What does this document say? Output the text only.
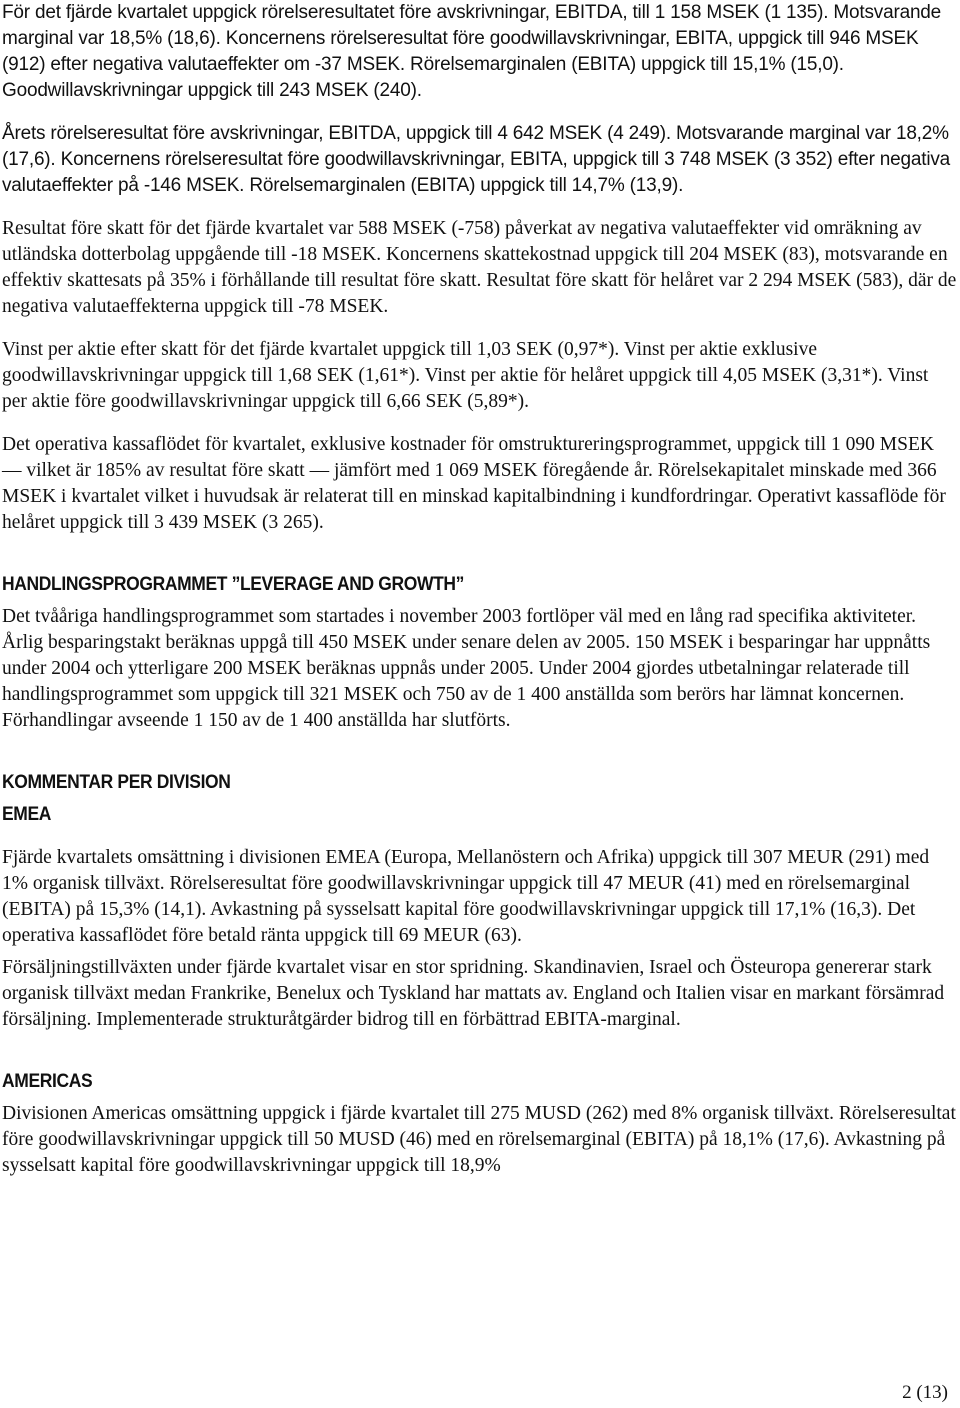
För det fjärde kvartalet uppgick rörelseresultatet före avskrivningar, EBITDA, till 1 158 MSEK (1 135). Motsvarande marginal var 18,5% (18,6). Koncernens rörelseresultat före goodwillavskrivningar, EBITA, uppgick till 946 MSEK (912) efter negativa valutaeffekter om -37 MSEK. Rörelsemarginalen (EBITA) uppgick till 15,1% (15,0). Goodwillavskrivningar uppgick till 243 MSEK (240).

Årets rörelseresultat före avskrivningar, EBITDA, uppgick till 4 642 MSEK (4 249). Motsvarande marginal var 18,2% (17,6). Koncernens rörelseresultat före goodwillavskrivningar, EBITA, uppgick till 3 748 MSEK (3 352) efter negativa valutaeffekter på -146 MSEK. Rörelsemarginalen (EBITA) uppgick till 14,7% (13,9).

Resultat före skatt för det fjärde kvartalet var 588 MSEK (-758) påverkat av negativa valutaeffekter vid omräkning av utländska dotterbolag uppgående till -18 MSEK. Koncernens skattekostnad uppgick till 204 MSEK (83), motsvarande en effektiv skattesats på 35% i förhållande till resultat före skatt. Resultat före skatt för helåret var 2 294 MSEK (583), där de negativa valutaeffekterna uppgick till -78 MSEK.

Vinst per aktie efter skatt för det fjärde kvartalet uppgick till 1,03 SEK (0,97*). Vinst per aktie exklusive goodwillavskrivningar uppgick till 1,68 SEK (1,61*). Vinst per aktie för helåret uppgick till 4,05 MSEK (3,31*). Vinst per aktie före goodwillavskrivningar uppgick till 6,66 SEK (5,89*).

Det operativa kassaflödet för kvartalet, exklusive kostnader för omstruktureringsprogrammet, uppgick till 1 090 MSEK — vilket är 185% av resultat före skatt — jämfört med 1 069 MSEK föregående år. Rörelsekapitalet minskade med 366 MSEK i kvartalet vilket i huvudsak är relaterat till en minskad kapitalbindning i kundfordringar. Operativt kassaflöde för helåret uppgick till 3 439 MSEK (3 265).

HANDLINGSPROGRAMMET ”LEVERAGE AND GROWTH”

Det tvååriga handlingsprogrammet som startades i november 2003 fortlöper väl med en lång rad specifika aktiviteter. Årlig besparingstakt beräknas uppgå till 450 MSEK under senare delen av 2005. 150 MSEK i besparingar har uppnåtts under 2004 och ytterligare 200 MSEK beräknas uppnås under 2005. Under 2004 gjordes utbetalningar relaterade till handlingsprogrammet som uppgick till 321 MSEK och 750 av de 1 400 anställda som berörs har lämnat koncernen. Förhandlingar avseende 1 150 av de 1 400 anställda har slutförts.

KOMMENTAR PER DIVISION
EMEA

Fjärde kvartalets omsättning i divisionen EMEA (Europa, Mellanöstern och Afrika) uppgick till 307 MEUR (291) med 1% organisk tillväxt. Rörelseresultat före goodwillavskrivningar uppgick till 47 MEUR (41) med en rörelsemarginal (EBITA) på 15,3% (14,1). Avkastning på sysselsatt kapital före goodwillavskrivningar uppgick till 17,1% (16,3). Det operativa kassaflödet före betald ränta uppgick till 69 MEUR (63).

Försäljningstillväxten under fjärde kvartalet visar en stor spridning. Skandinavien, Israel och Östeuropa genererar stark organisk tillväxt medan Frankrike, Benelux och Tyskland har mattats av. England och Italien visar en markant försämrad försäljning. Implementerade strukturåtgärder bidrog till en förbättrad EBITA-marginal.

AMERICAS

Divisionen Americas omsättning uppgick i fjärde kvartalet till 275 MUSD (262) med 8% organisk tillväxt. Rörelseresultat före goodwillavskrivningar uppgick till 50 MUSD (46) med en rörelsemarginal (EBITA) på 18,1% (17,6). Avkastning på sysselsatt kapital före goodwillavskrivningar uppgick till 18,9%

2 (13)
